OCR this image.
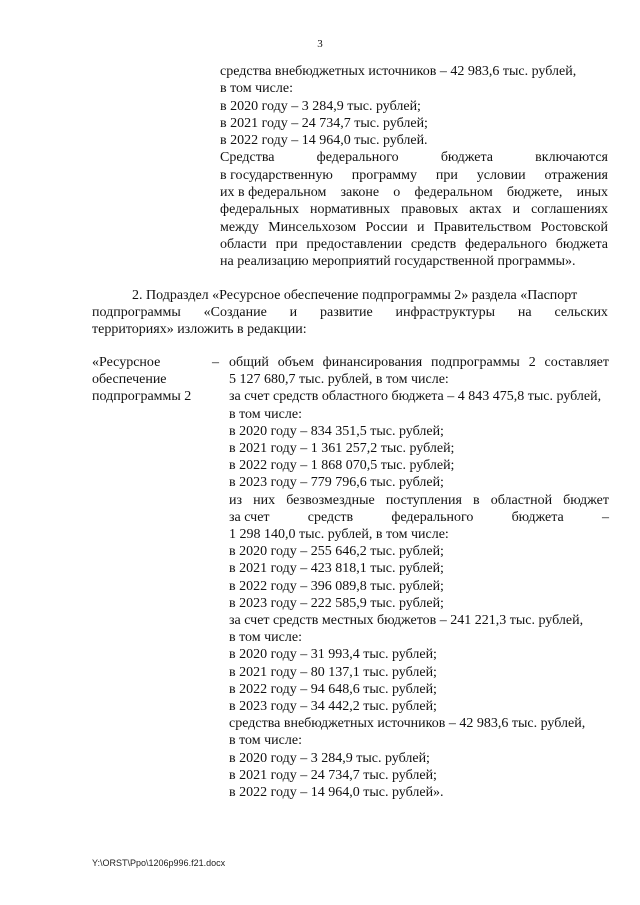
3
средства внебюджетных источников – 42 983,6 тыс. рублей,
в том числе:
в 2020 году – 3 284,9 тыс. рублей;
в 2021 году – 24 734,7 тыс. рублей;
в 2022 году – 14 964,0 тыс. рублей.
Средства	федерального	бюджета	включаются
в государственную программу при условии отражения
их в федеральном законе о федеральном бюджете, иных
федеральных нормативных правовых актах и соглашениях
между Минсельхозом России и Правительством Ростовской
области при предоставлении средств федерального бюджета
на реализацию мероприятий государственной программы».
2. Подраздел «Ресурсное обеспечение подпрограммы 2» раздела «Паспорт
подпрограммы «Создание и развитие инфраструктуры на сельских
территориях» изложить в редакции:
«Ресурсное
обеспечение
подпрограммы 2
– общий объем финансирования подпрограммы 2 составляет
5 127 680,7 тыс. рублей, в том числе:
за счет средств областного бюджета – 4 843 475,8 тыс. рублей,
в том числе:
в 2020 году – 834 351,5 тыс. рублей;
в 2021 году – 1 361 257,2 тыс. рублей;
в 2022 году – 1 868 070,5 тыс. рублей;
в 2023 году – 779 796,6 тыс. рублей;
из них безвозмездные поступления в областной бюджет
за счет	средств	федерального	бюджета	–
1 298 140,0 тыс. рублей, в том числе:
в 2020 году – 255 646,2 тыс. рублей;
в 2021 году – 423 818,1 тыс. рублей;
в 2022 году – 396 089,8 тыс. рублей;
в 2023 году – 222 585,9 тыс. рублей;
за счет средств местных бюджетов – 241 221,3 тыс. рублей,
в том числе:
в 2020 году – 31 993,4 тыс. рублей;
в 2021 году – 80 137,1 тыс. рублей;
в 2022 году – 94 648,6 тыс. рублей;
в 2023 году – 34 442,2 тыс. рублей;
средства внебюджетных источников – 42 983,6 тыс. рублей,
в том числе:
в 2020 году – 3 284,9 тыс. рублей;
в 2021 году – 24 734,7 тыс. рублей;
в 2022 году – 14 964,0 тыс. рублей».
Y:\ORST\Ppo\1206p996.f21.docx
